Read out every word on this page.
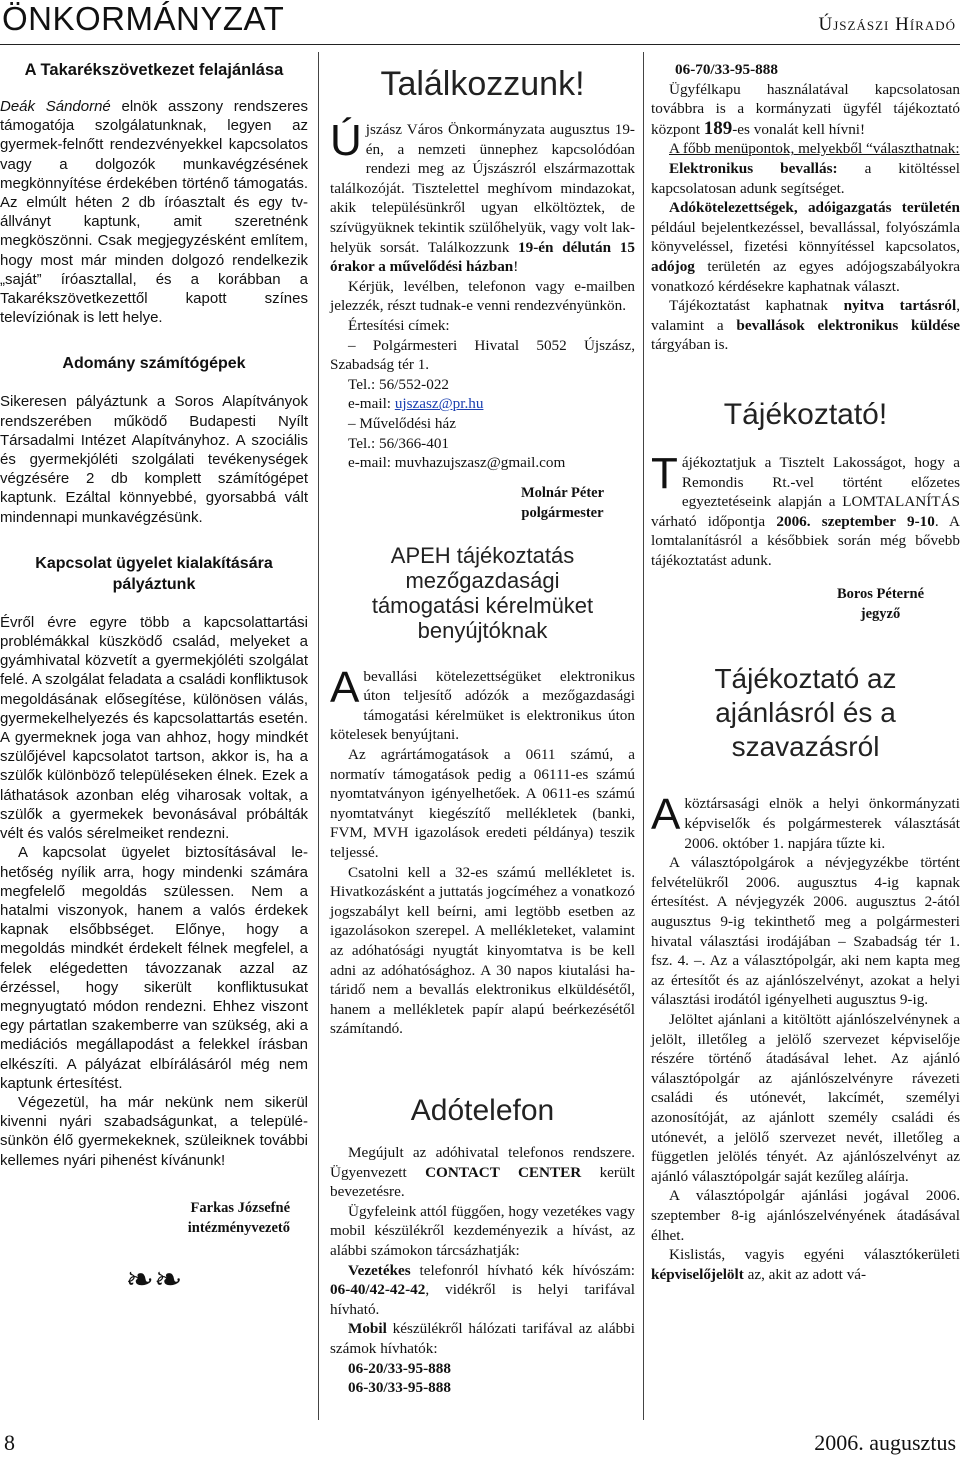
ÖNKORMÁNYZAT	Újszászi Híradó
A Takarékszövetkezet felajánlása

Deák Sándorné elnök asszony rendszeres támogatója szolgálatunknak, legyen az gyermek-felnőtt rendezvényekkel kapcsolatos vagy a dolgozók munkavégzésének megkönnyítése érdekében történő támogatás. Az elmúlt héten 2 db íróasztalt és egy tv-állványt kaptunk, amit szeretnénk megköszönni. Csak megjegyzésként említem, hogy most már minden dolgozó rendelkezik „saját” íróasztallal, és a korábban a Takarékszövetkezettől kapott színes televíziónak is lett helye.

Adomány számítógépek

Sikeresen pályáztunk a Soros Alapítványok rendszerében működő Budapesti Nyílt Társadalmi Intézet Alapítványhoz. A szociális és gyermekjóléti szolgálati tevékenységek végzésére 2 db komplett számítógépet kaptunk. Ezáltal könnyebbé, gyorsabbá vált mindennapi munkavégzésünk.

Kapcsolat ügyelet kialakítására pályáztunk

Évről évre egyre több a kapcsolattartási problémákkal küszködő család, melyeket a gyámhivatal közvetít a gyermekjóléti szolgálat felé. A szolgálat feladata a családi konfliktusok megoldásának elősegítése, különösen válás, gyermekelhelyezés és kapcsolattartás esetén. A gyermeknek joga van ahhoz, hogy mindkét szülőjével kapcsolatot tartson, akkor is, ha a szülők különböző településeken élnek. Ezek a láthatások azonban elég viharosak voltak, a szülők a gyermekek bevonásával próbálták vélt és valós sérelmeiket rendezni.

A kapcsolat ügyelet biztosításával lehetőség nyílik arra, hogy mindenki számára megfelelő megoldás szülessen. Nem a hatalmi viszonyok, hanem a valós érdekek kapnak elsőbbséget. Előnye, hogy a megoldás mindkét érdekelt félnek megfelel, a felek elégedetten távozzanak azzal az érzéssel, hogy sikerült konfliktusukat megnyugtató módon rendezni. Ehhez viszont egy pártatlan szakemberre van szükség, aki a mediációs megállapodást a felekkel írásban elkészíti. A pályázat elbírálásáról még nem kaptunk értesítést.

Végezetül, ha már nekünk nem sikerül kivenni nyári szabadságunkat, a településünkön élő gyermekeknek, szüleiknek további kellemes nyári pihenést kívánunk!

Farkas Józsefné
intézményvezető
❧❧
Találkozzunk!

Újszász Város Önkormányzata augusztus 19-én, a nemzeti ünnephez kapcsolódóan rendezi meg az Újszászról elszármazottak találkozóját. Tisztelettel meghívom mindazokat, akik településünkről ugyan elköltöztek, de szívügyüknek tekintik szülőhelyük, vagy volt lakhelyük sorsát. Találkozzunk 19-én délután 15 órakor a művelődési házban!

Kérjük, levélben, telefonon vagy e-mailben jelezzék, részt tudnak-e venni rendezvényünkön.

Értesítési címek:

– Polgármesteri Hivatal 5052 Újszász, Szabadság tér 1.

Tel.: 56/552-022

e-mail: ujszasz@pr.hu

– Művelődési ház

Tel.: 56/366-401

e-mail: muvhazujszasz@gmail.com

Molnár Péter
polgármester
APEH tájékoztatás mezőgazdasági támogatási kérelmüket benyújtóknak

Abevallási kötelezettségüket elektronikus úton teljesítő adózók a mezőgazdasági támogatási kérelmüket is elektronikus úton kötelesek benyújtani.

Az agrártámogatások a 0611 számú, a normatív támogatások pedig a 06111-es számú nyomtatványon igényelhetőek. A 0611-es számú nyomtatványt kiegészítő mellékletek (banki, FVM, MVH igazolások eredeti példánya) teszik teljessé.

Csatolni kell a 32-es számú mellékletet is. Hivatkozásként a juttatás jogcíméhez a vonatkozó jogszabályt kell beírni, ami legtöbb esetben az igazolásokon szerepel. A mellékleteket, valamint az adóhatósági nyugtát kinyomtatva is be kell adni az adóhatósághoz. A 30 napos kiutalási határidő nem a bevallás elektronikus elküldésétől, hanem a mellékletek papír alapú beérkezésétől számítandó.

Adótelefon

Megújult az adóhivatal telefonos rendszere. Ügyenvezett CONTACT CENTER került bevezetésre.

Ügyfeleink attól függően, hogy vezetékes vagy mobil készülékről kezdeményezik a hívást, az alábbi számokon tárcsázhatják:

Vezetékes telefonról hívható kék hívószám: 06-40/42-42-42, vidékről is helyi tarifával hívható.

Mobil készülékről hálózati tarifával az alábbi számok hívhatók:

06-20/33-95-888

06-30/33-95-888

06-70/33-95-888

Ügyfélkapu használatával kapcsolatosan továbbra is a kormányzati ügyfél tájékoztató központ 189-es vonalát kell hívni!

A főbb menüpontok, melyekből “választhatnak:

Elektronikus bevallás: a kitöltéssel kapcsolatosan adunk segítséget.

Adókötelezettségek, adóigazgatás területén például bejelentkezéssel, bevallással, folyószámla könyveléssel, fizetési könnyítéssel kapcsolatos, adójog területén az egyes adójogszabályokra vonatkozó kérdésekre kaphatnak választ.

Tájékoztatást kaphatnak nyitva tartásról, valamint a bevallások elektronikus küldése tárgyában is.

Tájékoztató!

Tájékoztatjuk a Tisztelt Lakosságot, hogy a Remondis Rt.-vel történt előzetes egyeztetéseink alapján a LOMTALANÍTÁS várható időpontja 2006. szeptember 9-10. A lomtalanításról a későbbiek során még bővebb tájékoztatást adunk.

Boros Péterné
jegyző
Tájékoztató az ajánlásról és a szavazásról

A köztársasági elnök a helyi önkormányzati képviselők és polgármesterek választását 2006. október 1. napjára tűzte ki.

A választópolgárok a névjegyzékbe történt felvételükről 2006. augusztus 4-ig kapnak értesítést. A névjegyzék 2006. augusztus 2-ától augusztus 9-ig tekinthető meg a polgármesteri hivatal választási irodájában – Szabadság tér 1. fsz. 4. –. Az a választópolgár, aki nem kapta meg az értesítőt és az ajánlószelvényt, azokat a helyi választási irodától igényelheti augusztus 9-ig.

Jelöltet ajánlani a kitöltött ajánlószelvénynek a jelölt, illetőleg a jelölő szervezet képviselője részére történő átadásával lehet. Az ajánló választópolgár az ajánlószelvényre rávezeti családi és utónevét, lakcímét, személyi azonosítóját, az ajánlott személy családi és utónevét, a jelölő szervezet nevét, illetőleg a független jelölés tényét. Az ajánlószelvényt az ajánló választópolgár saját kezűleg aláírja.

A választópolgár ajánlási jogával 2006. szeptember 8-ig ajánlószelvényének átadásával élhet.

Kislistás, vagyis egyéni választókerületi képviselőjelölt az, akit az adott vá-

8	2006. augusztus
